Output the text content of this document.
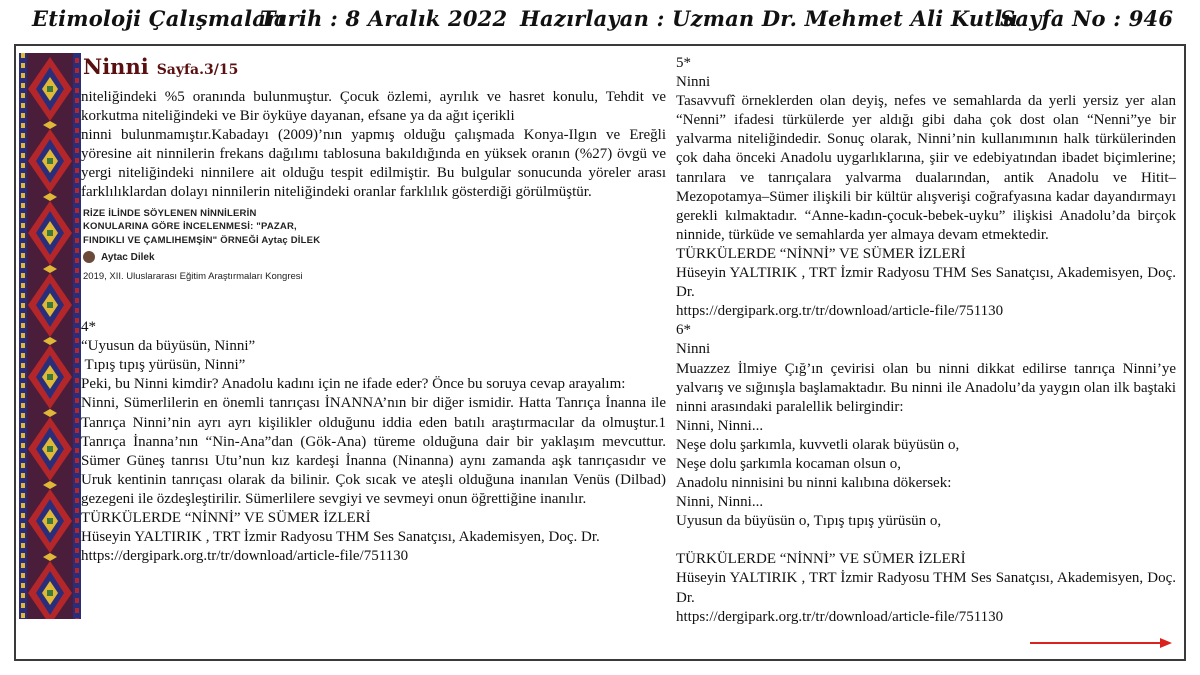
Etimoloji Çalışmaları
Tarih : 8 Aralık 2022 Hazırlayan : Uzman Dr. Mehmet Ali Kutlu
Sayfa No : 946
Ninni Sayfa.3/15

niteliğindeki %5 oranında bulunmuştur. Çocuk özlemi, ayrılık ve hasret konulu, Tehdit ve korkutma niteliğindeki ve Bir öyküye dayanan, efsane ya da ağıt içerikli

ninni bulunmamıştır.Kabadayı (2009)’nın yapmış olduğu çalışmada Konya-Ilgın ve Ereğli yöresine ait ninnilerin frekans dağılımı tablosuna bakıldığında en yüksek oranın (%27) övgü ve yergi niteliğindeki ninnilere ait olduğu tespit edilmiştir. Bu bulgular sonucunda yöreler arası farklılıklardan dolayı ninnilerin niteliğindeki oranlar farklılık gösterdiği görülmüştür.

RİZE İLİNDE SÖYLENEN NİNNİLERİN
KONULARINA GÖRE İNCELENMESİ: "PAZAR,
FINDIKLI VE ÇAMLIHEMŞİN" ÖRNEĞİ Aytaç DİLEK
Aytac Dilek
2019, XII. Uluslararası Eğitim Araştırmaları Kongresi

4*

“Uyusun da büyüsün, Ninni”

Tıpış tıpış yürüsün, Ninni”

Peki, bu Ninni kimdir? Anadolu kadını için ne ifade eder? Önce bu soruya cevap arayalım:

Ninni, Sümerlilerin en önemli tanrıçası İNANNA’nın bir diğer ismidir. Hatta Tanrıça İnanna ile Tanrıça Ninni’nin ayrı ayrı kişilikler olduğunu iddia eden batılı araştırmacılar da olmuştur.1 Tanrıça İnanna’nın “Nin-Ana”dan (Gök-Ana) türeme olduğuna dair bir yaklaşım mevcuttur. Sümer Güneş tanrısı Utu’nun kız kardeşi İnanna (Ninanna) aynı zamanda aşk tanrıçasıdır ve Uruk kentinin tanrıçası olarak da bilinir. Çok sıcak ve ateşli olduğuna inanılan Venüs (Dilbad) gezegeni ile özdeşleştirilir. Sümerlilere sevgiyi ve sevmeyi onun öğrettiğine inanılır.

TÜRKÜLERDE “NİNNİ” VE SÜMER İZLERİ

Hüseyin YALTIRIK , TRT İzmir Radyosu THM Ses Sanatçısı, Akademisyen, Doç. Dr.

https://dergipark.org.tr/tr/download/article-file/751130

5*

Ninni

Tasavvufî örneklerden olan deyiş, nefes ve semahlarda da yerli yersiz yer alan “Nenni” ifadesi türkülerde yer aldığı gibi daha çok dost olan “Nenni”ye bir yalvarma niteliğindedir. Sonuç olarak, Ninni’nin kullanımının halk türkülerinden çok daha önceki Anadolu uygarlıklarına, şiir ve edebiyatından ibadet biçimlerine; tanrılara ve tanrıçalara yalvarma dualarından, antik Anadolu ve Hitit–Mezopotamya–Sümer ilişkili bir kültür alışverişi coğrafyasına kadar dayandırmayı gerekli kılmaktadır. “Anne-kadın-çocuk-bebek-uyku” ilişkisi Anadolu’da birçok ninnide, türküde ve semahlarda yer almaya devam etmektedir.

TÜRKÜLERDE “NİNNİ” VE SÜMER İZLERİ

Hüseyin YALTIRIK , TRT İzmir Radyosu THM Ses Sanatçısı, Akademisyen, Doç. Dr.

https://dergipark.org.tr/tr/download/article-file/751130

6*

Ninni

Muazzez İlmiye Çığ’ın çevirisi olan bu ninni dikkat edilirse tanrıça Ninni’ye yalvarış ve sığınışla başlamaktadır. Bu ninni ile Anadolu’da yaygın olan ilk baştaki ninni arasındaki paralellik belirgindir:

Ninni, Ninni...

Neşe dolu şarkımla, kuvvetli olarak büyüsün o,

Neşe dolu şarkımla kocaman olsun o,

Anadolu ninnisini bu ninni kalıbına dökersek:

Ninni, Ninni...

Uyusun da büyüsün o, Tıpış tıpış yürüsün o,

TÜRKÜLERDE “NİNNİ” VE SÜMER İZLERİ

Hüseyin YALTIRIK , TRT İzmir Radyosu THM Ses Sanatçısı, Akademisyen, Doç. Dr.

https://dergipark.org.tr/tr/download/article-file/751130
